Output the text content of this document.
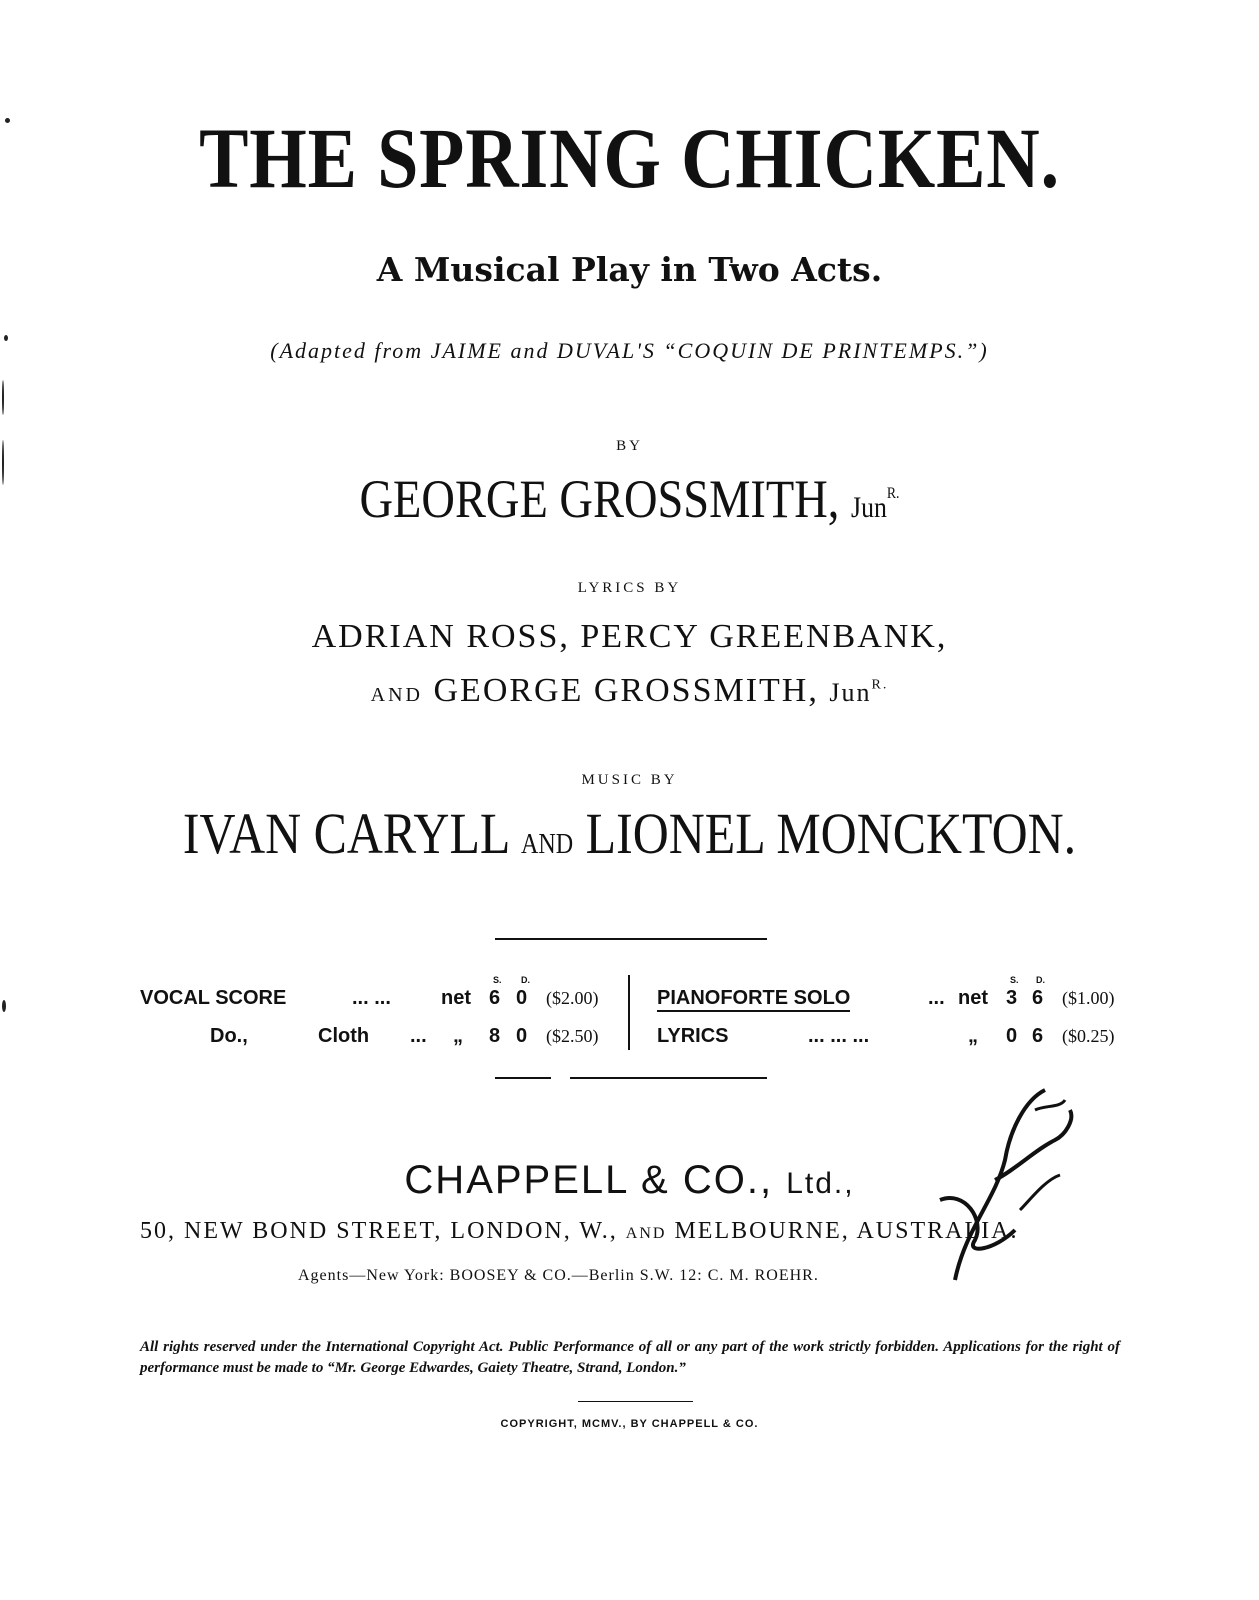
THE SPRING CHICKEN.
A Musical Play in Two Acts.
(Adapted from JAIME and DUVAL'S “COQUIN DE PRINTEMPS.”)
BY
GEORGE GROSSMITH, Jun$^{R.}$
LYRICS BY
ADRIAN ROSS, PERCY GREENBANK,
AND GEORGE GROSSMITH, Jun$^{R.}$
MUSIC BY
IVAN CARYLL AND LIONEL MONCKTON.
S. D.	S. D.
VOCAL SCORE	... ...	net 6 0 ($2.00)
Do.,	Cloth ... „ 8 0 ($2.50)
PIANOFORTE SOLO	... net 3 6 ($1.00)
LYRICS	... ... ...	„ 0 6 ($0.25)
CHAPPELL & CO., Ltd.,
50, NEW BOND STREET, LONDON, W., AND MELBOURNE, AUSTRALIA.
Agents—New York: BOOSEY & CO.—Berlin S.W. 12: C. M. ROEHR.
All rights reserved under the International Copyright Act. Public Performance of all or any part of the work strictly forbidden. Applications for the right of performance must be made to “Mr. George Edwardes, Gaiety Theatre, Strand, London.”
COPYRIGHT, MCMV., BY CHAPPELL & CO.
